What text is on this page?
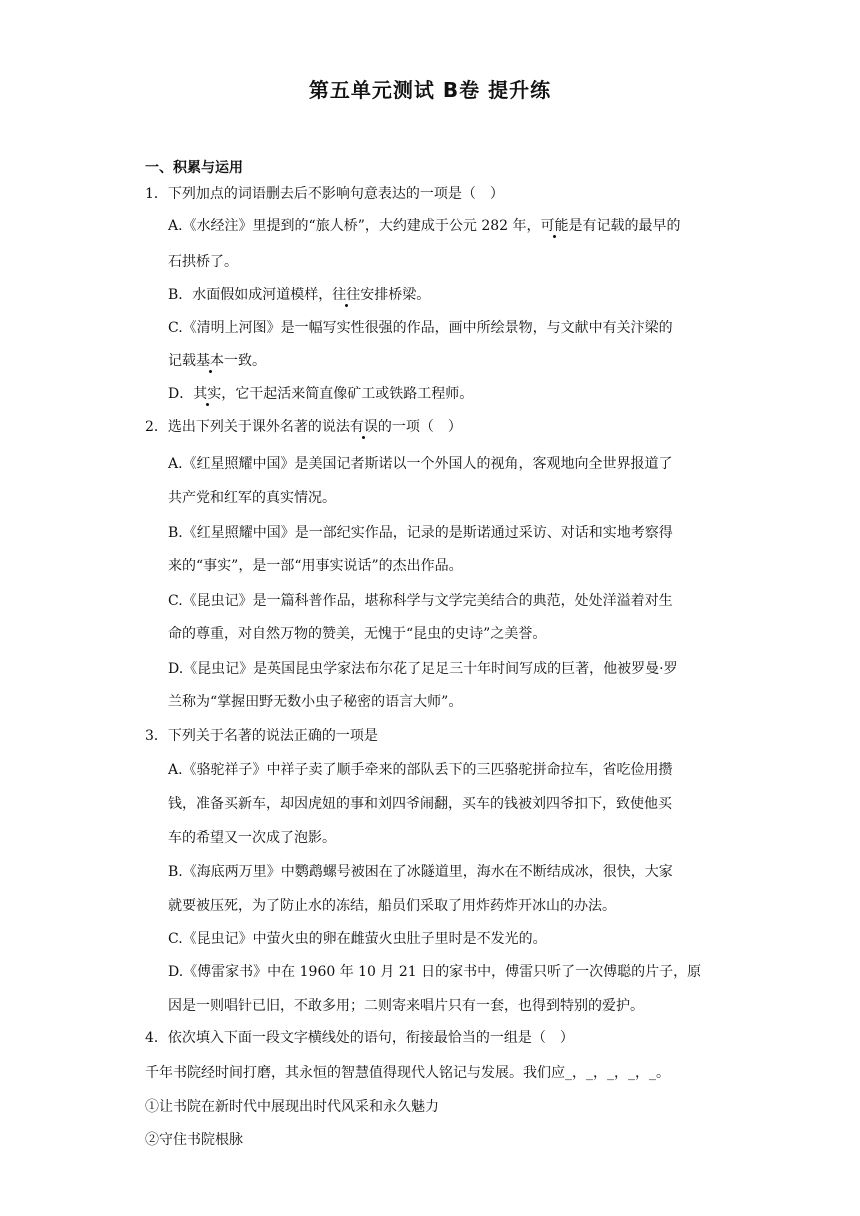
第五单元测试 B卷 提升练
一、积累与运用
1．下列加点的词语删去后不影响句意表达的一项是（　）
A.《水经注》里提到的“旅人桥”，大约建成于公元 282 年，可能是有记载的最早的
石拱桥了。
B．水面假如成河道模样，往往安排桥梁。
C.《清明上河图》是一幅写实性很强的作品，画中所绘景物，与文献中有关汴梁的
记载基本一致。
D．其实，它干起活来简直像矿工或铁路工程师。
2．选出下列关于课外名著的说法有误的一项（　）
A.《红星照耀中国》是美国记者斯诺以一个外国人的视角，客观地向全世界报道了
共产党和红军的真实情况。
B.《红星照耀中国》是一部纪实作品，记录的是斯诺通过采访、对话和实地考察得
来的“事实”，是一部“用事实说话”的杰出作品。
C.《昆虫记》是一篇科普作品，堪称科学与文学完美结合的典范，处处洋溢着对生
命的尊重，对自然万物的赞美，无愧于“昆虫的史诗”之美誉。
D.《昆虫记》是英国昆虫学家法布尔花了足足三十年时间写成的巨著，他被罗曼·罗
兰称为“掌握田野无数小虫子秘密的语言大师”。
3．下列关于名著的说法正确的一项是
A.《骆驼祥子》中祥子卖了顺手牵来的部队丢下的三匹骆驼拼命拉车，省吃俭用攒
钱，准备买新车，却因虎妞的事和刘四爷闹翻，买车的钱被刘四爷扣下，致使他买
车的希望又一次成了泡影。
B.《海底两万里》中鹦鹉螺号被困在了冰隧道里，海水在不断结成冰，很快，大家
就要被压死，为了防止水的冻结，船员们采取了用炸药炸开冰山的办法。
C.《昆虫记》中萤火虫的卵在雌萤火虫肚子里时是不发光的。
D.《傅雷家书》中在 1960 年 10 月 21 日的家书中，傅雷只听了一次傅聪的片子，原
因是一则唱针已旧，不敢多用；二则寄来唱片只有一套，也得到特别的爱护。
4．依次填入下面一段文字横线处的语句，衔接最恰当的一组是（　）
千年书院经时间打磨，其永恒的智慧值得现代人铭记与发展。我们应_，_，_，_，_。
①让书院在新时代中展现出时代风采和永久魅力
②守住书院根脉
